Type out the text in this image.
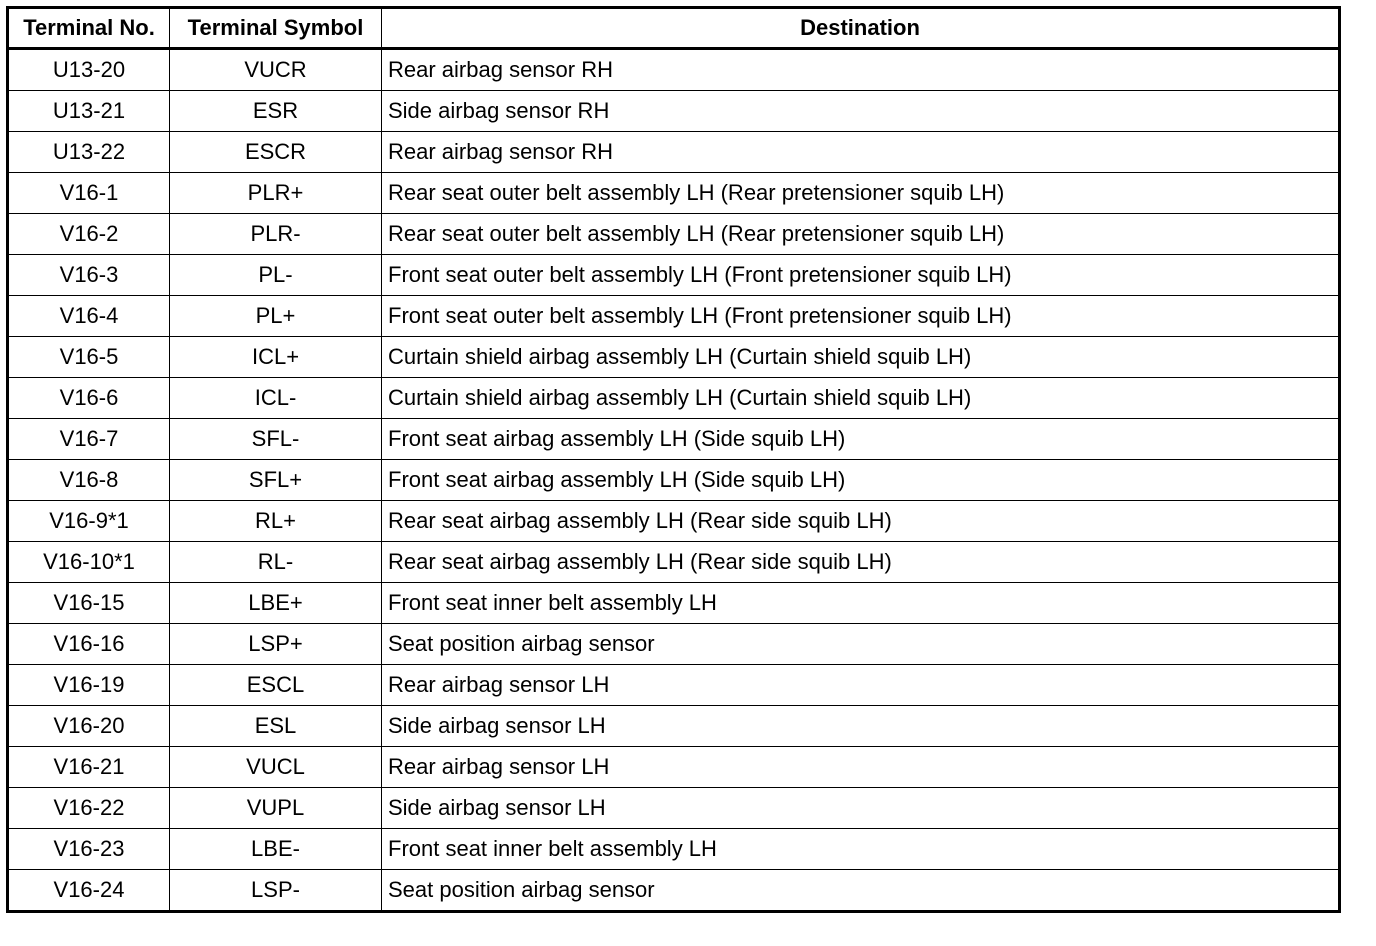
Terminal No.	Terminal Symbol	Destination
U13-20	VUCR	Rear airbag sensor RH
U13-21	ESR	Side airbag sensor RH
U13-22	ESCR	Rear airbag sensor RH
V16-1	PLR+	Rear seat outer belt assembly LH (Rear pretensioner squib LH)
V16-2	PLR-	Rear seat outer belt assembly LH (Rear pretensioner squib LH)
V16-3	PL-	Front seat outer belt assembly LH (Front pretensioner squib LH)
V16-4	PL+	Front seat outer belt assembly LH (Front pretensioner squib LH)
V16-5	ICL+	Curtain shield airbag assembly LH (Curtain shield squib LH)
V16-6	ICL-	Curtain shield airbag assembly LH (Curtain shield squib LH)
V16-7	SFL-	Front seat airbag assembly LH (Side squib LH)
V16-8	SFL+	Front seat airbag assembly LH (Side squib LH)
V16-9*1	RL+	Rear seat airbag assembly LH (Rear side squib LH)
V16-10*1	RL-	Rear seat airbag assembly LH (Rear side squib LH)
V16-15	LBE+	Front seat inner belt assembly LH
V16-16	LSP+	Seat position airbag sensor
V16-19	ESCL	Rear airbag sensor LH
V16-20	ESL	Side airbag sensor LH
V16-21	VUCL	Rear airbag sensor LH
V16-22	VUPL	Side airbag sensor LH
V16-23	LBE-	Front seat inner belt assembly LH
V16-24	LSP-	Seat position airbag sensor
